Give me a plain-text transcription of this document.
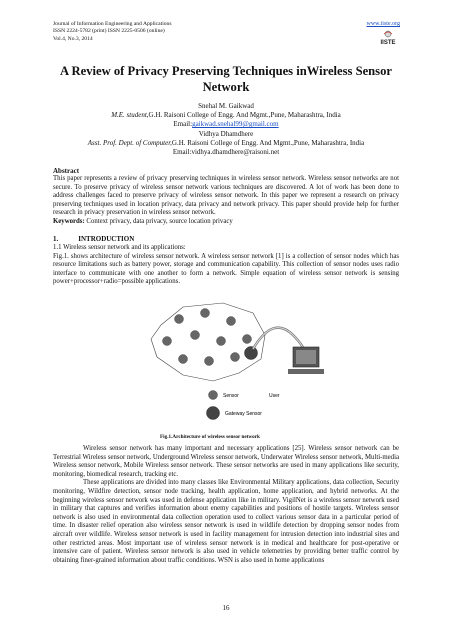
Journal of Information Engineering and Applications
ISSN 2224-5782 (print) ISSN 2225-0506 (online)
Vol.4, No.3, 2014
www.iiste.org
IISTE
A Review of Privacy Preserving Techniques inWireless Sensor Network
Snehal M. Gaikwad
M.E. student,G.H. Raisoni College of Engg. And Mgmt.,Pune, Maharashtra, India
Email:gaikwad.snehal99@gmail.com
Vidhya Dhamdhere
Asst. Prof. Dept. of Computer,G.H. Raisoni College of Engg. And Mgmt.,Pune, Maharashtra, India
Email:vidhya.dhamdhere@raisoni.net
Abstract
This paper represents a review of privacy preserving techniques in wireless sensor network. Wireless sensor networks are not secure. To preserve privacy of wireless sensor network various techniques are discovered. A lot of work has been done to address challenges faced to preserve privacy of wireless sensor network. In this paper we represent a research on privacy preserving techniques used in location privacy, data privacy and network privacy. This paper should provide help for further research in privacy preservation in wireless sensor network.
Keywords: Context privacy, data privacy, source location privacy
1.	INTRODUCTION
1.1 Wireless sensor network and its applications:
Fig.1. shows architecture of wireless sensor network. A wireless sensor network [1] is a collection of sensor nodes which has resource limitations such as battery power, storage and communication capability. This collection of sensor nodes uses radio interface to communicate with one another to form a network. Simple equation of wireless sensor network is sensing power+processor+radio=possible applications.
Sensor	User
Gateway Sensor
Fig.1.Architecture of wireless sensor network

Wireless sensor network has many important and necessary applications [25]. Wireless sensor network can be Terrestrial Wireless sensor network, Underground Wireless sensor network, Underwater Wireless sensor network, Multi-media Wireless sensor network, Mobile Wireless sensor network. These sensor networks are used in many applications like security, monitoring, biomedical research, tracking etc.

These applications are divided into many classes like Environmental Military applications, data collection, Security monitoring, Wildfire detection, sensor node tracking, health application, home application, and hybrid networks. At the beginning wireless sensor network was used in defense application like in military. VigilNet is a wireless sensor network used in military that captures and verifies information about enemy capabilities and positions of hostile targets. Wireless sensor network is also used in environmental data collection operation used to collect various sensor data in a particular period of time. In disaster relief operation also wireless sensor network is used in wildlife detection by dropping sensor nodes from aircraft over wildlife. Wireless sensor network is used in facility management for intrusion detection into industrial sites and other restricted areas. Most important use of wireless sensor network is in medical and healthcare for post-operative or intensive care of patient. Wireless sensor network is also used in vehicle telemetries by providing better traffic control by obtaining finer-grained information about traffic conditions. WSN is also used in home applications

16
